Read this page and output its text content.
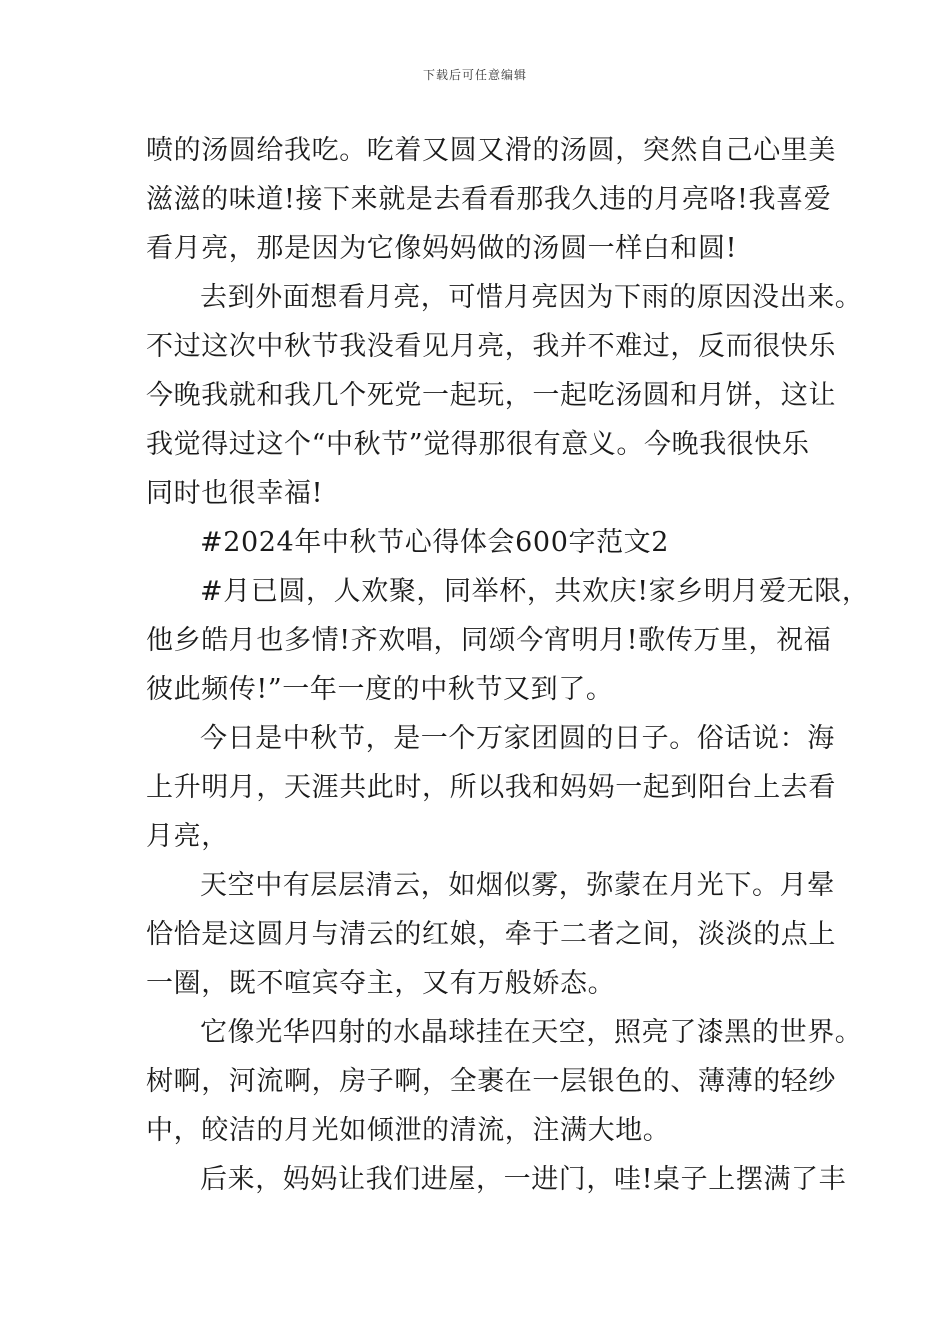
下载后可任意编辑
喷的汤圆给我吃。吃着又圆又滑的汤圆，突然自己心里美
滋滋的味道!接下来就是去看看那我久违的月亮咯!我喜爱
看月亮，那是因为它像妈妈做的汤圆一样白和圆!
去到外面想看月亮，可惜月亮因为下雨的原因没出来。
不过这次中秋节我没看见月亮，我并不难过，反而很快乐
今晚我就和我几个死党一起玩，一起吃汤圆和月饼，这让
我觉得过这个“中秋节”觉得那很有意义。今晚我很快乐
同时也很幸福!
#2024年中秋节心得体会600字范文2
#月已圆，人欢聚，同举杯，共欢庆!家乡明月爱无限，
他乡皓月也多情!齐欢唱，同颂今宵明月!歌传万里，祝福
彼此频传!”一年一度的中秋节又到了。
今日是中秋节，是一个万家团圆的日子。俗话说：海
上升明月，天涯共此时，所以我和妈妈一起到阳台上去看
月亮，
天空中有层层清云，如烟似雾，弥蒙在月光下。月晕
恰恰是这圆月与清云的红娘，牵于二者之间，淡淡的点上
一圈，既不喧宾夺主，又有万般娇态。
它像光华四射的水晶球挂在天空，照亮了漆黑的世界。
树啊，河流啊，房子啊，全裹在一层银色的、薄薄的轻纱
中，皎洁的月光如倾泄的清流，注满大地。
后来，妈妈让我们进屋，一进门，哇!桌子上摆满了丰
